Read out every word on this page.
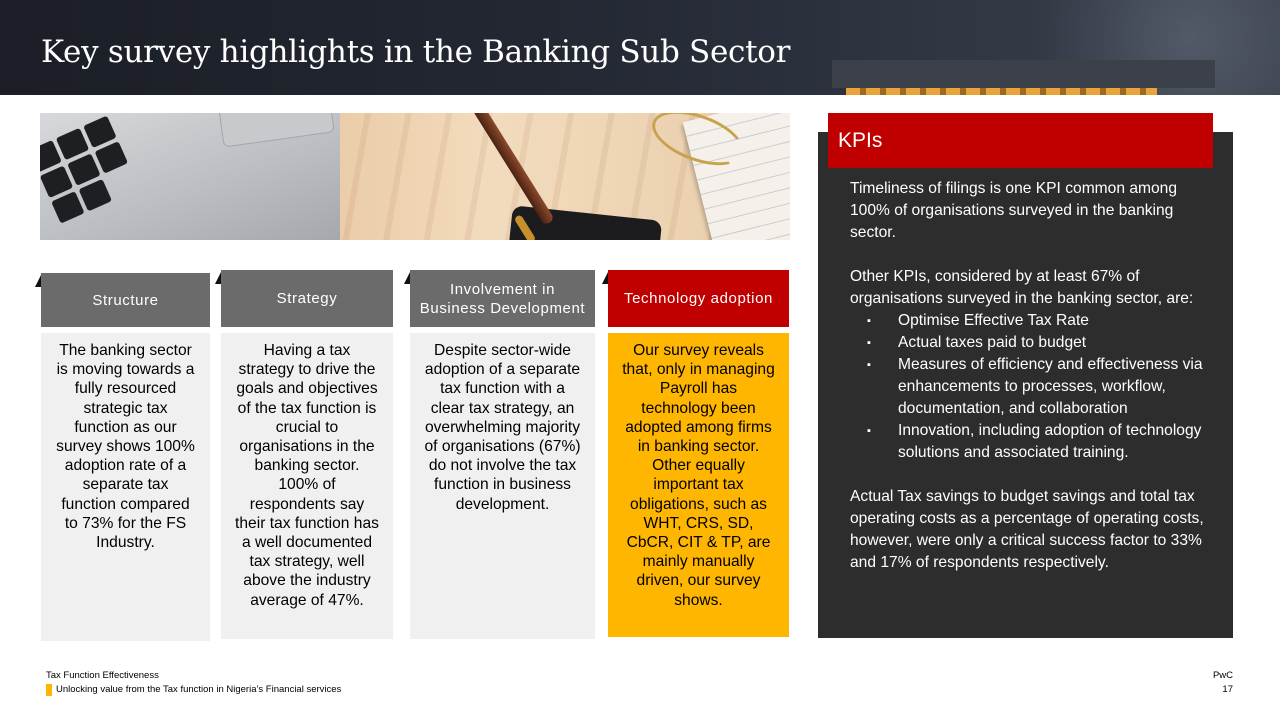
Key survey highlights in the Banking Sub Sector
Structure
The banking sector is moving towards a fully resourced strategic tax function as our survey shows 100% adoption rate of a separate tax function compared to 73% for the FS Industry.
Strategy
Having a tax strategy to drive the goals and objectives of the tax function is crucial to organisations in the banking sector. 100% of respondents say their tax function has a well documented tax strategy, well above the industry average of 47%.
Involvement in Business Development
Despite sector-wide adoption of a separate tax function with a clear tax strategy, an overwhelming majority of organisations (67%) do not involve the tax function in business development.
Technology adoption
Our survey reveals that, only in managing Payroll has technology been adopted among firms in banking sector. Other equally important tax obligations, such as WHT, CRS, SD, CbCR, CIT & TP, are mainly manually driven, our survey shows.
KPIs

Timeliness of filings is one KPI common among 100% of organisations surveyed in the banking sector.

Other KPIs, considered by at least 67% of organisations surveyed in the banking sector, are:

▪ Optimise Effective Tax Rate
▪ Actual taxes paid to budget
▪ Measures of efficiency and effectiveness via enhancements to processes, workflow, documentation, and collaboration
▪ Innovation, including adoption of technology solutions and associated training.

Actual Tax savings to budget savings and total tax operating costs as a percentage of operating costs, however, were only a critical success factor to 33% and 17% of respondents respectively.

Tax Function Effectiveness
Unlocking value from the Tax function in Nigeria’s Financial services
PwC
17
